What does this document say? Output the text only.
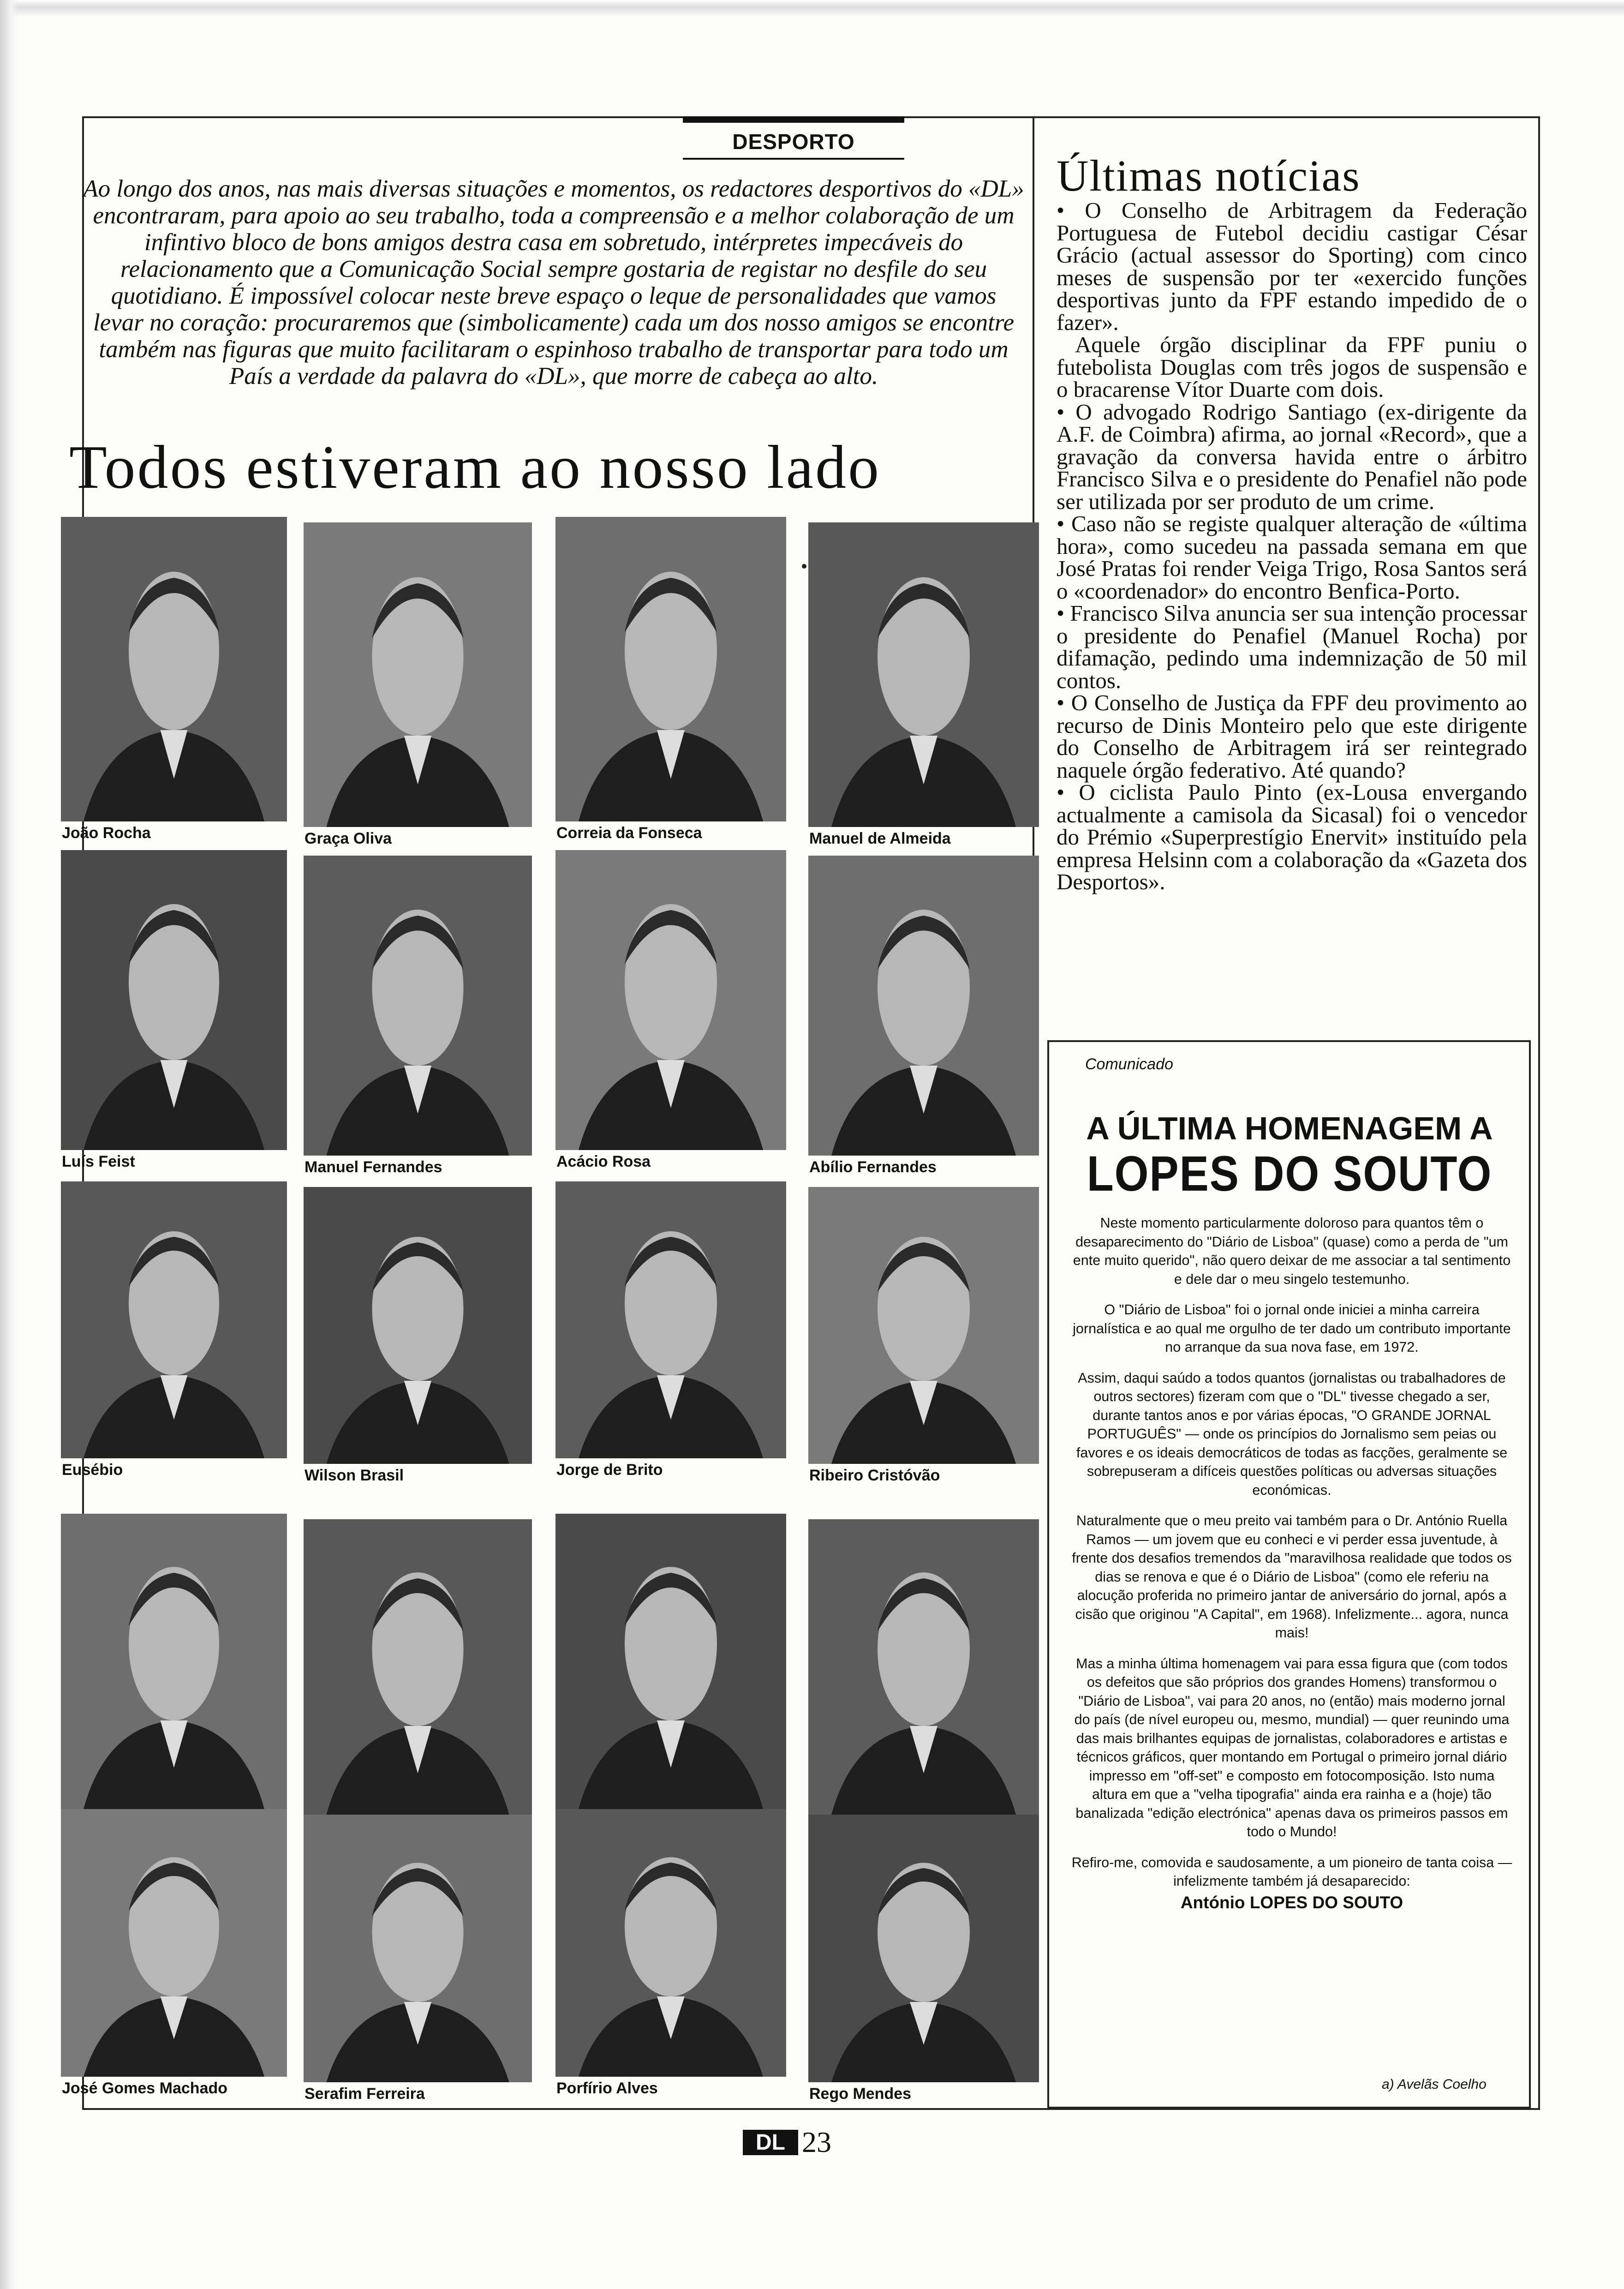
DESPORTO
Ao longo dos anos, nas mais diversas situações e momentos, os redactores desportivos do «DL» encontraram, para apoio ao seu trabalho, toda a compreensão e a melhor colaboração de um infintivo bloco de bons amigos destra casa em sobretudo, intérpretes impecáveis do relacionamento que a Comunicação Social sempre gostaria de registar no desfile do seu quotidiano. É impossível colocar neste breve espaço o leque de personalidades que vamos levar no coração: procuraremos que (simbolicamente) cada um dos nosso amigos se encontre também nas figuras que muito facilitaram o espinhoso trabalho de transportar para todo um País a verdade da palavra do «DL», que morre de cabeça ao alto.
Todos estiveram ao nosso lado
João Rocha	Graça Oliva	Correia da Fonseca	Manuel de Almeida
Luís Feist	Manuel Fernandes	Acácio Rosa	Abílio Fernandes
Eusébio	Wilson Brasil	Jorge de Brito	Ribeiro Cristóvão
José Gomes Machado	Serafim Ferreira	Porfírio Alves	Rego Mendes
Últimas notícias

• O Conselho de Arbitragem da Federação Portuguesa de Futebol decidiu castigar César Grácio (actual assessor do Sporting) com cinco meses de suspensão por ter «exercido funções desportivas junto da FPF estando impedido de o fazer».

Aquele órgão disciplinar da FPF puniu o futebolista Douglas com três jogos de suspensão e o bracarense Vítor Duarte com dois.

• O advogado Rodrigo Santiago (ex-dirigente da A.F. de Coimbra) afirma, ao jornal «Record», que a gravação da conversa havida entre o árbitro Francisco Silva e o presidente do Penafiel não pode ser utilizada por ser produto de um crime.

• Caso não se registe qualquer alteração de «última hora», como sucedeu na passada semana em que José Pratas foi render Veiga Trigo, Rosa Santos será o «coordenador» do encontro Benfica-Porto.

• Francisco Silva anuncia ser sua intenção processar o presidente do Penafiel (Manuel Rocha) por difamação, pedindo uma indemnização de 50 mil contos.

• O Conselho de Justiça da FPF deu provimento ao recurso de Dinis Monteiro pelo que este dirigente do Conselho de Arbitragem irá ser reintegrado naquele órgão federativo. Até quando?

• O ciclista Paulo Pinto (ex-Lousa envergando actualmente a camisola da Sicasal) foi o vencedor do Prémio «Superprestígio Enervit» instituído pela empresa Helsinn com a colaboração da «Gazeta dos Desportos».

Comunicado
A ÚLTIMA HOMENAGEM A
LOPES DO SOUTO

Neste momento particularmente doloroso para quantos têm o desaparecimento do "Diário de Lisboa" (quase) como a perda de "um ente muito querido", não quero deixar de me associar a tal sentimento e dele dar o meu singelo testemunho.

O "Diário de Lisboa" foi o jornal onde iniciei a minha carreira jornalística e ao qual me orgulho de ter dado um contributo importante no arranque da sua nova fase, em 1972.

Assim, daqui saúdo a todos quantos (jornalistas ou trabalhadores de outros sectores) fizeram com que o "DL" tivesse chegado a ser, durante tantos anos e por várias épocas, "O GRANDE JORNAL PORTUGUÊS" — onde os princípios do Jornalismo sem peias ou favores e os ideais democráticos de todas as facções, geralmente se sobrepuseram a difíceis questões políticas ou adversas situações económicas.

Naturalmente que o meu preito vai também para o Dr. António Ruella Ramos — um jovem que eu conheci e vi perder essa juventude, à frente dos desafios tremendos da "maravilhosa realidade que todos os dias se renova e que é o Diário de Lisboa" (como ele referiu na alocução proferida no primeiro jantar de aniversário do jornal, após a cisão que originou "A Capital", em 1968). Infelizmente... agora, nunca mais!

Mas a minha última homenagem vai para essa figura que (com todos os defeitos que são próprios dos grandes Homens) transformou o "Diário de Lisboa", vai para 20 anos, no (então) mais moderno jornal do país (de nível europeu ou, mesmo, mundial) — quer reunindo uma das mais brilhantes equipas de jornalistas, colaboradores e artistas e técnicos gráficos, quer montando em Portugal o primeiro jornal diário impresso em "off-set" e composto em fotocomposição. Isto numa altura em que a "velha tipografia" ainda era rainha e a (hoje) tão banalizada "edição electrónica" apenas dava os primeiros passos em todo o Mundo!

Refiro-me, comovida e saudosamente, a um pioneiro de tanta coisa — infelizmente também já desaparecido:

António LOPES DO SOUTO
a) Avelãs Coelho
DL 23
